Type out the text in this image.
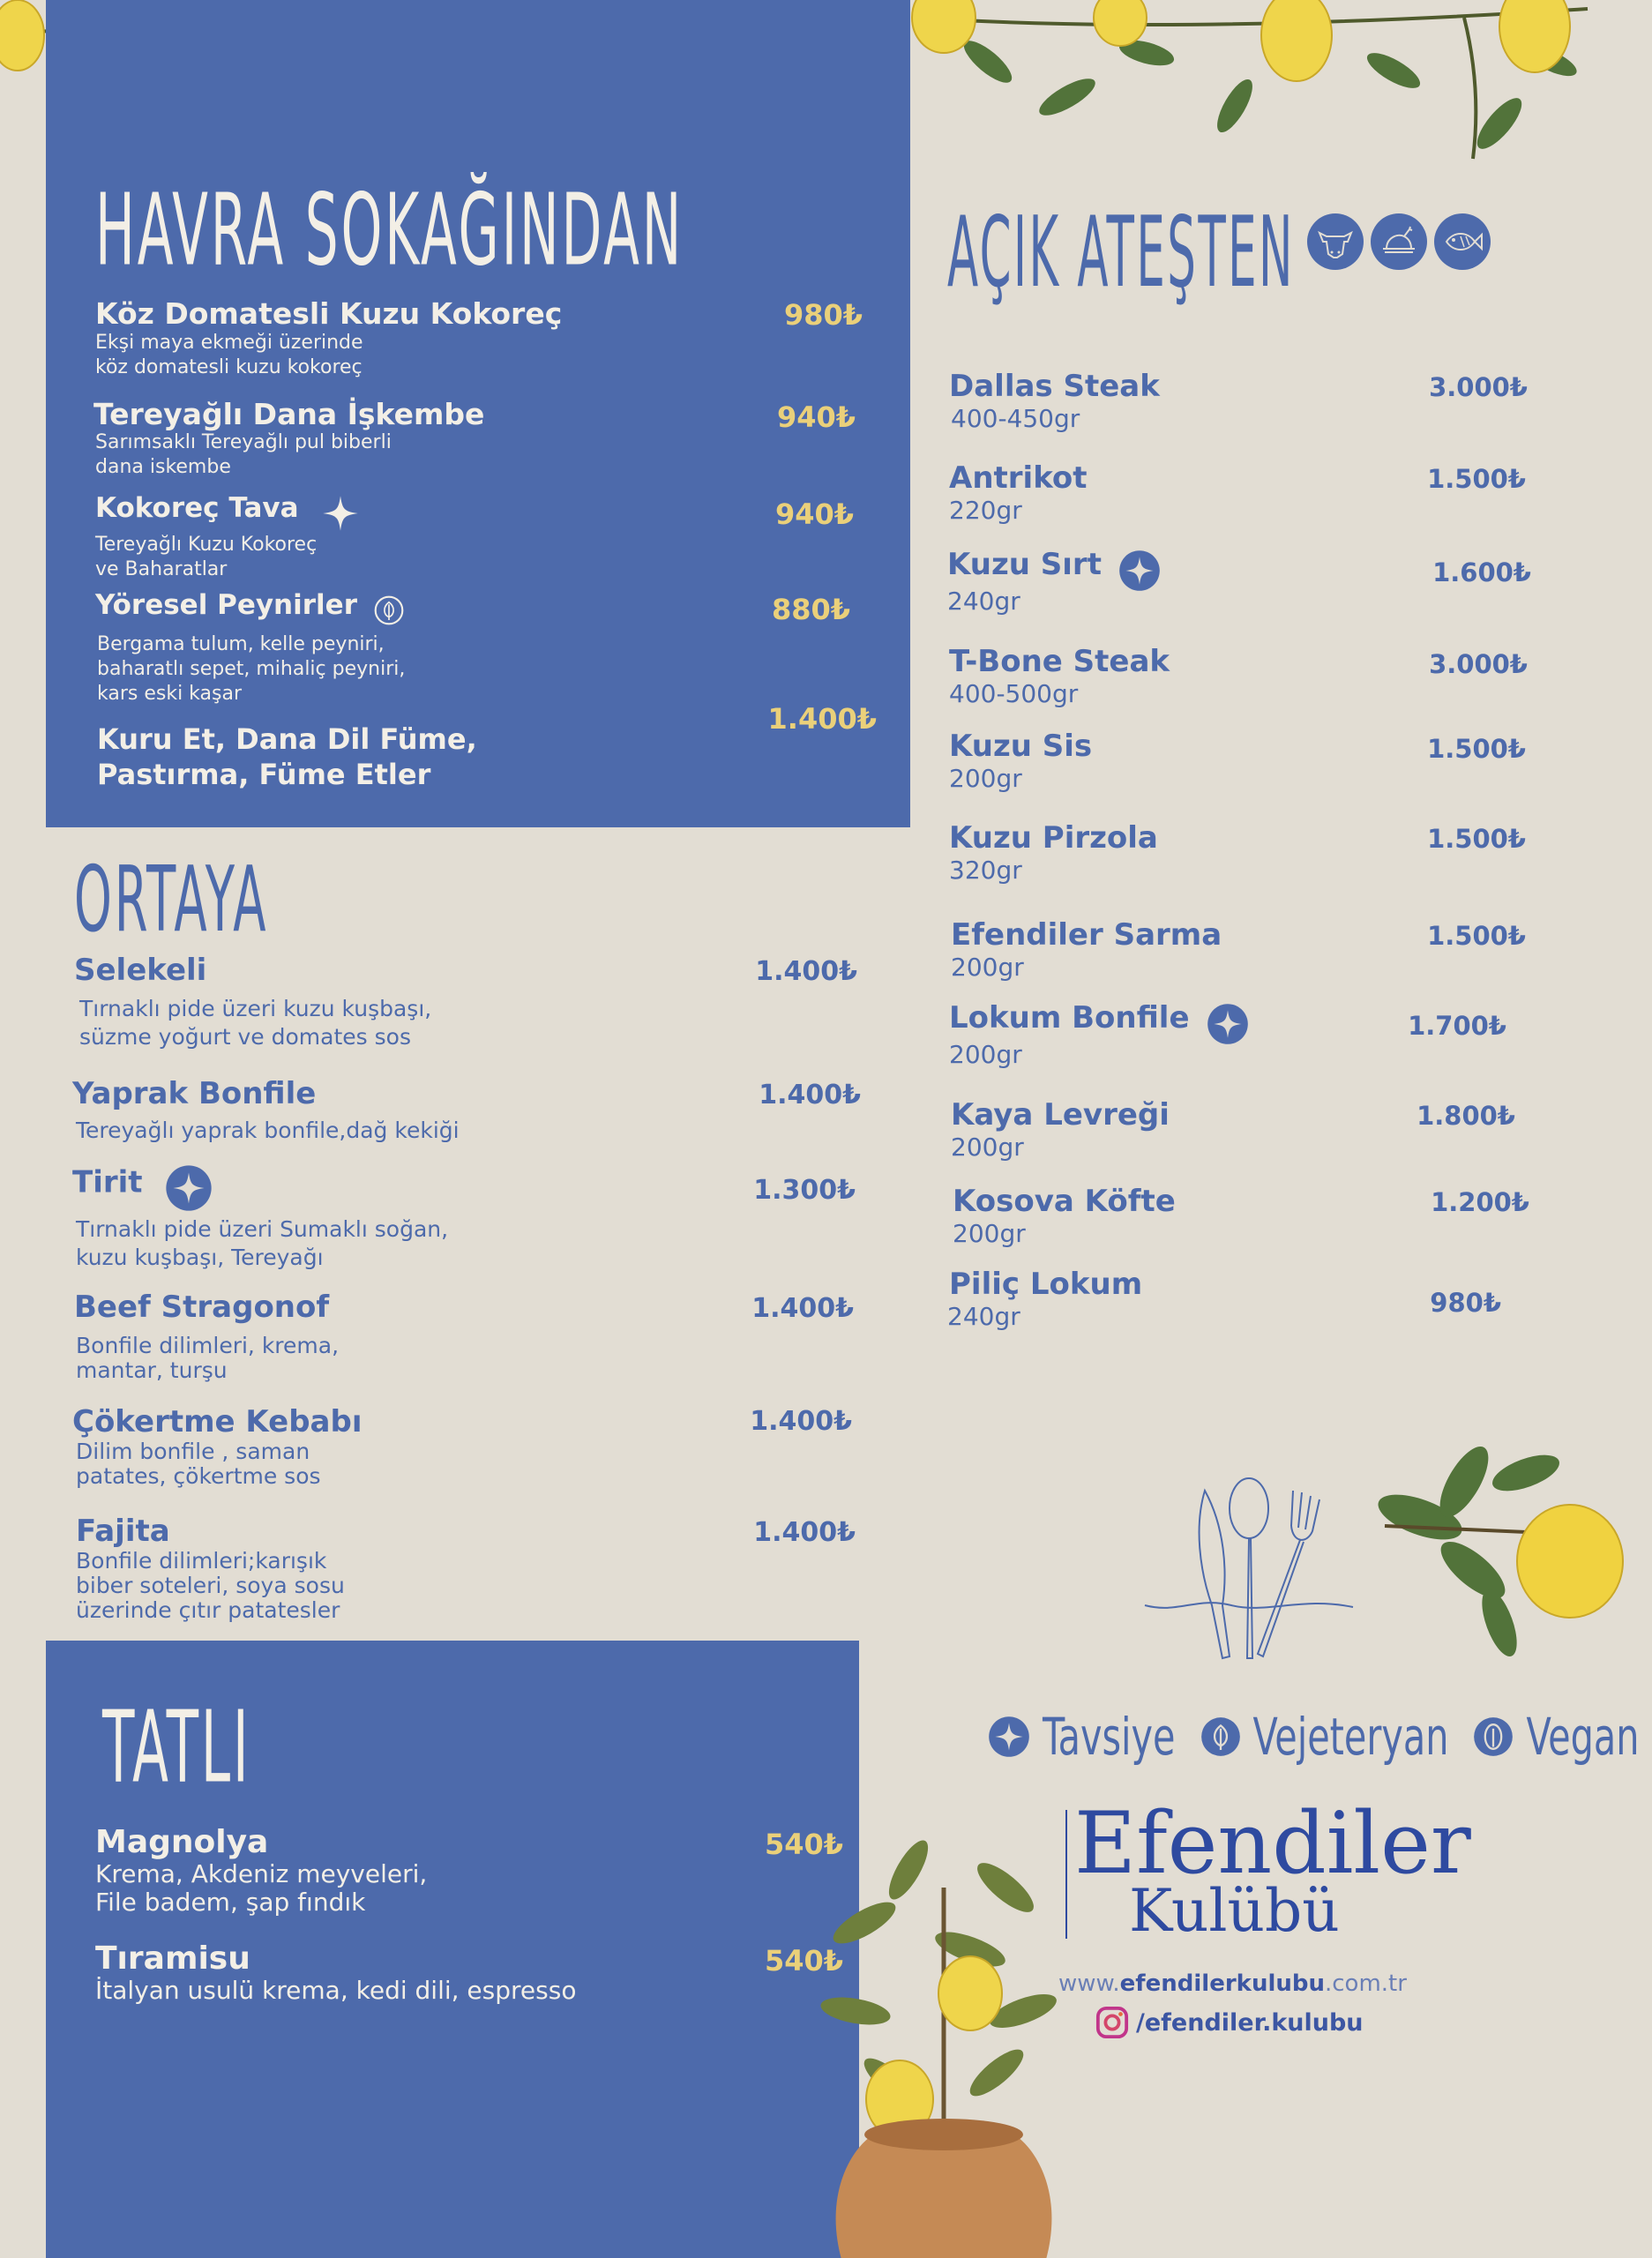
HAVRA SOKAĞINDAN
Köz Domatesli Kuzu Kokoreç
Ekşi maya ekmeği üzerinde
köz domatesli kuzu kokoreç
980₺
Tereyağlı Dana İşkembe
Sarımsaklı Tereyağlı pul biberli
dana iskembe
940₺
Kokoreç Tava
Tereyağlı Kuzu Kokoreç
ve Baharatlar
940₺
Yöresel Peynirler
Bergama tulum, kelle peyniri,
baharatlı sepet, mihaliç peyniri,
kars eski kaşar
880₺
Kuru Et, Dana Dil Füme,
Pastırma, Füme Etler
1.400₺
ORTAYA
Selekeli
Tırnaklı pide üzeri kuzu kuşbaşı,
süzme yoğurt ve domates sos
1.400₺
Yaprak Bonfile
Tereyağlı yaprak bonfile,dağ kekiği
1.400₺
Tirit
Tırnaklı pide üzeri Sumaklı soğan,
kuzu kuşbaşı, Tereyağı
1.300₺
Beef Stragonof
Bonfile dilimleri, krema,
mantar, turşu
1.400₺
Çökertme Kebabı
Dilim bonfile , saman
patates, çökertme sos
1.400₺
Fajita
Bonfile dilimleri;karışık
biber soteleri, soya sosu
üzerinde çıtır patatesler
1.400₺
TATLI
Magnolya
Krema, Akdeniz meyveleri,
File badem, şap fındık
540₺
Tıramisu
İtalyan usulü krema, kedi dili, espresso
540₺
AÇIK ATEŞTEN
Dallas Steak
400-450gr
3.000₺
Antrikot
220gr
1.500₺
Kuzu Sırt
240gr
1.600₺
T-Bone Steak
400-500gr
3.000₺
Kuzu Sis
200gr
1.500₺
Kuzu Pirzola
320gr
1.500₺
Efendiler Sarma
200gr
1.500₺
Lokum Bonfile
200gr
1.700₺
Kaya Levreği
200gr
1.800₺
Kosova Köfte
200gr
1.200₺
Piliç Lokum
240gr	980₺
Tavsiye Vejeteryan Vegan
Efendiler
Kulübü
www.efendilerkulubu.com.tr
/efendiler.kulubu
